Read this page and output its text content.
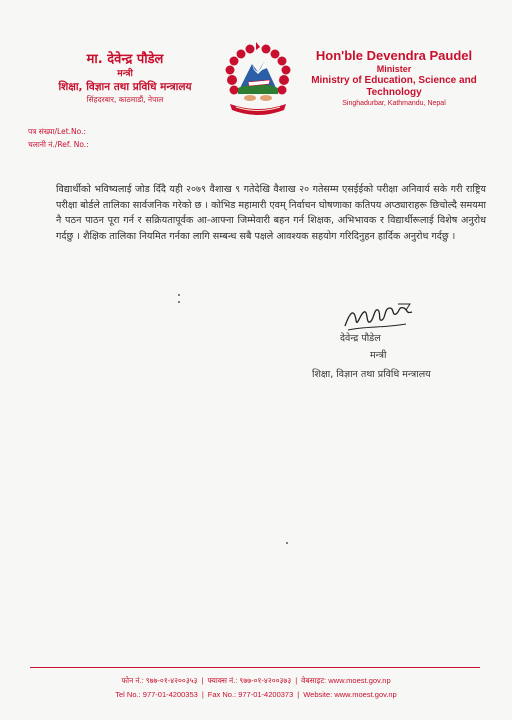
मा. देवेन्द्र पौडेल
मन्त्री
शिक्षा, विज्ञान तथा प्रविधि मन्त्रालय
सिंहदरबार, काठमाडौं, नेपाल
Hon'ble Devendra Paudel
Minister
Ministry of Education, Science and
Technology
Singhadurbar, Kathmandu, Nepal
पत्र संख्या/Let.No.:
चलानी नं./Ref. No.:
विद्यार्थीको भविष्यलाई जोड दिँदै यही २०७९ वैशाख ९ गतेदेखि वैशाख २० गतेसम्म एसईईको परीक्षा अनिवार्य सके गरी राष्ट्रिय परीक्षा बोर्डले तालिका सार्वजनिक गरेको छ । कोभिड महामारी एवम् निर्वाचन घोषणाका कतिपय अप्ठ्याराहरू छिचोल्दै समयमा नै पठन पाठन पूरा गर्न र सक्रियतापूर्वक आ-आफ्ना जिम्मेवारी बहन गर्न शिक्षक, अभिभावक र विद्यार्थीरूलाई विशेष अनुरोध गर्दछु । शैक्षिक तालिका नियमित गर्नका लागि सम्बन्ध सबै पक्षले आवश्यक सहयोग गरिदिनुहन हार्दिक अनुरोध गर्दछु ।
देवेन्द्र पौडेल
मन्त्री
शिक्षा, विज्ञान तथा प्रविधि मन्त्रालय
फोन नं.: ९७७-०१-४२००३५३ | फ्याक्स नं.: ९७७-०१-४२००३७३ | वेबसाइट: www.moest.gov.np
Tel No.: 977-01-4200353 | Fax No.: 977-01-4200373 | Website: www.moest.gov.np
